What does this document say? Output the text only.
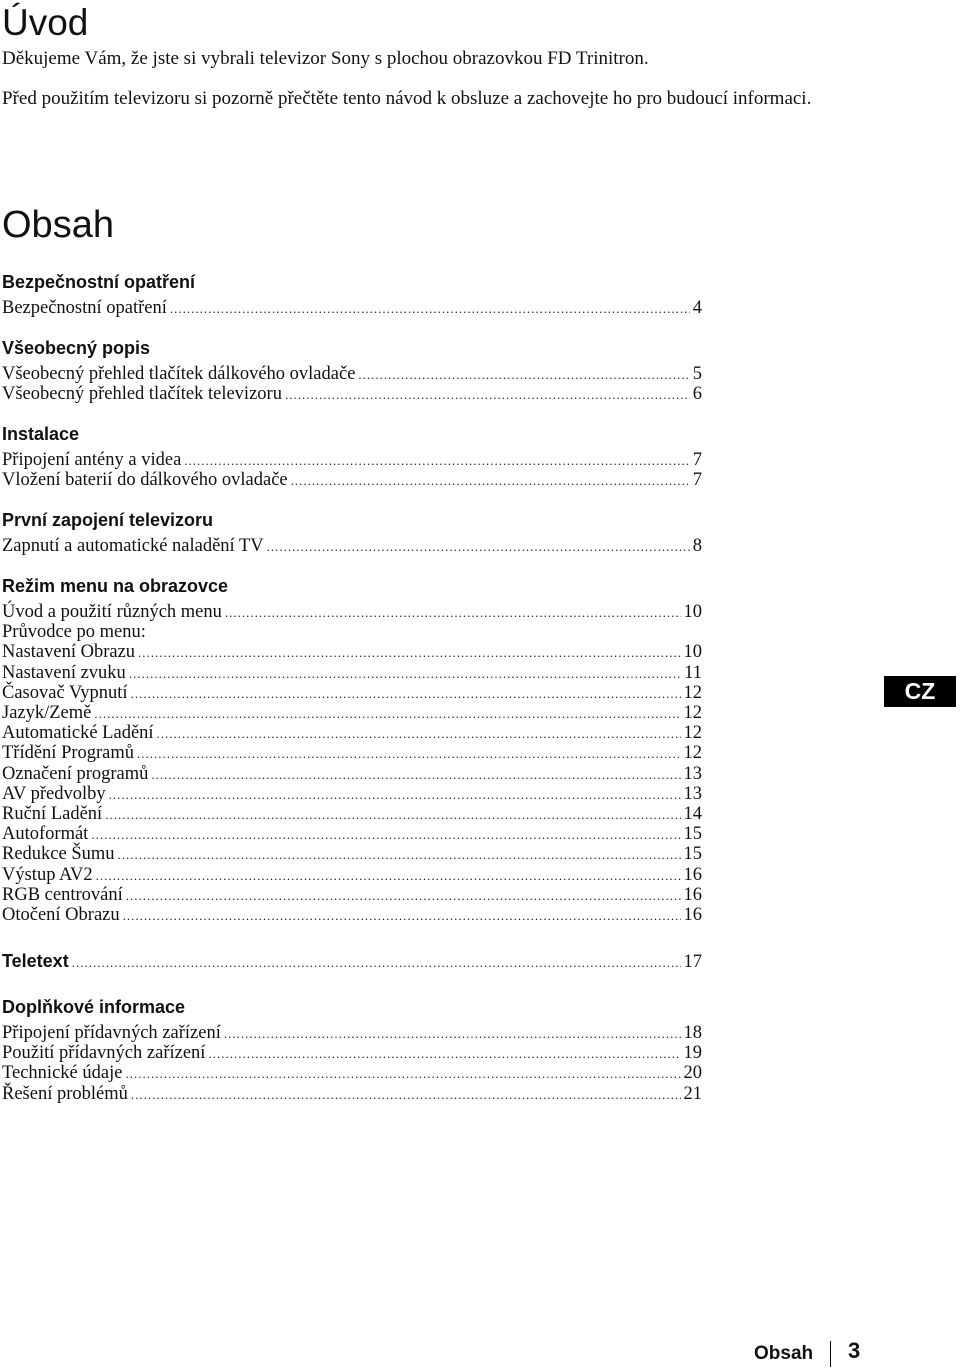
Úvod

Děkujeme Vám, že jste si vybrali televizor Sony s plochou obrazovkou FD Trinitron.

Před použitím televizoru si pozorně přečtěte tento návod k obsluze a zachovejte ho pro budoucí informaci.

Obsah
Bezpečnostní opatření
Bezpečnostní opatření .....	4
Všeobecný popis
Všeobecný přehled tlačítek dálkového ovladače .....	5
Všeobecný přehled tlačítek televizoru .....	6
Instalace
Připojení antény a videa .....	7
Vložení baterií do dálkového ovladače .....	7
První zapojení televizoru
Zapnutí a automatické naladění TV .....	8
Režim menu na obrazovce
Úvod a použití různých menu .....	10
Průvodce po menu:
Nastavení Obrazu .....	10
Nastavení zvuku .....	11
Časovač Vypnutí .....	12
Jazyk/Země .....	12
Automatické Ladění .....	12
Třídění Programů .....	12
Označení programů .....	13
AV předvolby .....	13
Ruční Ladění .....	14
Autoformát .....	15
Redukce Šumu .....	15
Výstup AV2 .....	16
RGB centrování .....	16
Otočení Obrazu .....	16
Teletext .....	17
Doplňkové informace
Připojení přídavných zařízení .....	18
Použití přídavných zařízení .....	19
Technické údaje .....	20
Řešení problémů .....	21
CZ
Obsah 3
